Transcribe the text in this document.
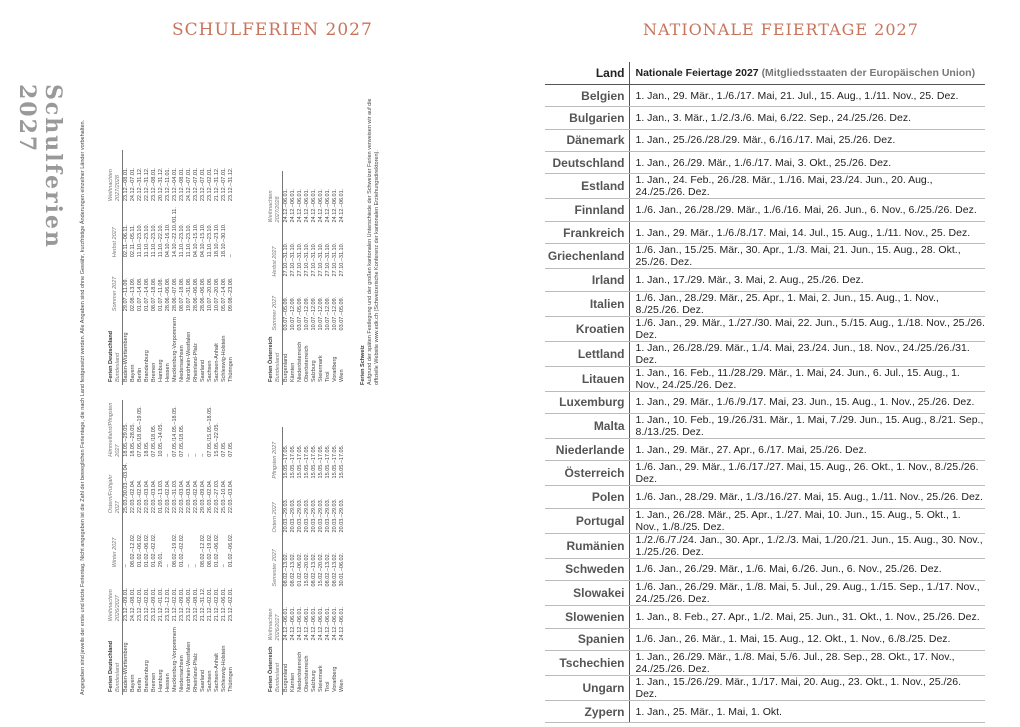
SCHULFERIEN 2027	NATIONALE FEIERTAGE 2027
Schulferien 2027
Angegeben sind jeweils der erste und letzte Ferientag. Nicht angegeben ist die Zahl der beweglichen Ferientage, die nach Land festgesetzt werden. Alle Angaben sind ohne Gewähr, kurzfristige Änderungen einzelner Länder vorbehalten.	Ferien Deutschland Bundesland	Weihnachten 2026/2027	Winter 2027	Ostern/Frühjahr 2027	Himmelfahrt/Pfingsten 2027
Baden-Württemberg	23.12.–09.01.	–	25.03./30.03.–03.04.	18.05.–29.05.
Bayern	24.12.–08.01.	08.02.–12.02.	22.03.–02.04.	18.05.–28.05.
Berlin	23.12.–02.01.	01.02.–06.02.	22.03.–02.04.	07.05./18.05.–19.05.
Brandenburg	23.12.–02.01.	01.02.–06.02.	22.03.–03.04.	18.05.
Bremen	23.12.–09.01.	01.02.–02.02.	22.03.–03.04.	07.05./18.05.
Hamburg	21.12.–01.01.	29.01.	01.03.–13.03.	10.05.–14.05.
Hessen	23.12.–12.01.	–	22.03.–02.04.	–
Mecklenburg-Vorpommern	21.12.–02.01.	08.02.–19.02.	22.03.–31.03.	07.05./14.05.–18.05.
Niedersachsen	23.12.–09.01.	01.02.–02.02.	22.03.–03.04.	07.05./18.05.
Nordrhein-Westfalen	23.12.–06.01.	–	22.03.–03.04.	–
Rheinland-Pfalz	23.12.–08.01.	–	22.03.–02.04.	–
Saarland	21.12.–31.12.	08.02.–12.02.	29.03.–09.04.	–
Sachsen	21.12.–02.01.	08.02.–19.02.	26.03.–02.04.	07.05./15.05.–18.05.
Sachsen-Anhalt	21.12.–02.01.	01.02.–06.02.	22.03.–27.03.	15.05.–22.05.
Schleswig-Holstein	21.12.–06.01.	–	25.03.–10.04.	07.05.
Thüringen	23.12.–02.01.	01.02.–06.02.	22.03.–03.04.	07.05.
Ferien Österreich Bundesland	Weihnachten 2026/2027	Semester 2027	Ostern 2027	Pfingsten 2027
Burgenland	24.12.–06.01.	08.02.–13.02.	20.03.–29.03.	15.05.–17.05.
Kärnten	24.12.–06.01.	08.02.–13.02.	20.03.–29.03.	15.05.–17.05.
Niederösterreich	24.12.–06.01.	01.02.–06.02.	20.03.–29.03.	15.05.–17.05.
Oberösterreich	24.12.–06.01.	15.02.–20.02.	20.03.–29.03.	15.05.–17.05.
Salzburg	24.12.–06.01.	08.02.–13.02.	20.03.–29.03.	15.05.–17.05.
Steiermark	24.12.–06.01.	15.02.–20.02.	20.03.–29.03.	15.05.–17.05.
Tirol	24.12.–06.01.	08.02.–13.02.	20.03.–29.03.	15.05.–17.05.
Vorarlberg	24.12.–06.01.	08.02.–13.02.	20.03.–29.03.	15.05.–17.05.
Wien	24.12.–06.01.	30.01.–06.02.	20.03.–29.03.	15.05.–17.05.
Ferien Deutschland Bundesland	Sommer 2027	Herbst 2027	Weihnachten 2027/2028
Baden-Württemberg	29.07.–11.09.	02.11.–06.11.	23.12.–08.01.
Bayern	02.08.–13.09.	02.11.–05.11.	24.12.–07.01.
Berlin	01.07.–14.08.	11.10.–23.10.	22.12.–31.12.
Brandenburg	01.07.–14.08.	11.10.–23.10.	22.12.–31.12.
Bremen	08.07.–18.08.	11.10.–23.10.	23.12.–08.01.
Hamburg	01.07.–11.08.	11.10.–22.10.	20.12.–31.12.
Hessen	28.06.–06.08.	04.10.–16.10.	23.12.–11.01.
Mecklenburg-Vorpommern	28.06.–07.08.	14.10.–22.10./01.11.	23.12.–04.01.
Niedersachsen	08.07.–18.08.	11.10.–23.10.	23.12.–08.01.
Nordrhein-Westfalen	19.07.–31.08.	11.10.–23.10.	24.12.–07.01.
Rheinland-Pfalz	28.06.–06.08.	04.10.–15.10.	23.12.–07.01.
Saarland	28.06.–06.08.	04.10.–15.10.	23.12.–07.01.
Sachsen	10.07.–20.08.	11.10.–23.10.	23.12.–02.01.
Sachsen-Anhalt	10.07.–20.08.	18.10.–23.10.	21.12.–31.12.
Schleswig-Holstein	05.07.–14.08.	18.10.–30.10.	23.12.–07.01.
Thüringen	09.08.–23.08.	–	23.12.–31.12.
Ferien Österreich Bundesland	Sommer 2027	Herbst 2027	Weihnachten 2027/2028
Burgenland	03.07.–05.09.	27.10.–31.10.	24.12.–06.01.
Kärnten	10.07.–12.09.	27.10.–31.10.	24.12.–06.01.
Niederösterreich	03.07.–05.09.	27.10.–31.10.	24.12.–06.01.
Oberösterreich	10.07.–12.09.	27.10.–31.10.	24.12.–06.01.
Salzburg	10.07.–12.09.	27.10.–31.10.	24.12.–06.01.
Steiermark	10.07.–12.09.	27.10.–31.10.	24.12.–06.01.
Tirol	10.07.–12.09.	27.10.–31.10.	24.12.–06.01.
Vorarlberg	10.07.–12.09.	27.10.–31.10.	24.12.–06.01.
Wien	03.07.–05.09.	27.10.–31.10.	24.12.–06.01.
Ferien Schweiz Aufgrund der späten Festlegung und der großen kantonalen Unterschiede der Schweizer Ferien verweisen wir auf die offizielle Website www.edk.ch (Schweizerische Konferenz der kantonalen Erziehungsdirektoren).
Land	Nationale Feiertage 2027 (Mitgliedsstaaten der Europäischen Union)
Belgien	1. Jan., 29. Mär., 1./6./17. Mai, 21. Jul., 15. Aug., 1./11. Nov., 25. Dez.
Bulgarien	1. Jan., 3. Mär., 1./2./3./6. Mai, 6./22. Sep., 24./25./26. Dez.
Dänemark	1. Jan., 25./26./28./29. Mär., 6./16./17. Mai, 25./26. Dez.
Deutschland	1. Jan., 26./29. Mär., 1./6./17. Mai, 3. Okt., 25./26. Dez.
Estland	1. Jan., 24. Feb., 26./28. Mär., 1./16. Mai, 23./24. Jun., 20. Aug., 24./25./26. Dez.
Finnland	1./6. Jan., 26./28./29. Mär., 1./6./16. Mai, 26. Jun., 6. Nov., 6./25./26. Dez.
Frankreich	1. Jan., 29. Mär., 1./6./8./17. Mai, 14. Jul., 15. Aug., 1./11. Nov., 25. Dez.
Griechenland	1./6. Jan., 15./25. Mär., 30. Apr., 1./3. Mai, 21. Jun., 15. Aug., 28. Okt., 25./26. Dez.
Irland	1. Jan., 17./29. Mär., 3. Mai, 2. Aug., 25./26. Dez.
Italien	1./6. Jan., 28./29. Mär., 25. Apr., 1. Mai, 2. Jun., 15. Aug., 1. Nov., 8./25./26. Dez.
Kroatien	1./6. Jan., 29. Mär., 1./27./30. Mai, 22. Jun., 5./15. Aug., 1./18. Nov., 25./26. Dez.
Lettland	1. Jan., 26./28./29. Mär., 1./4. Mai, 23./24. Jun., 18. Nov., 24./25./26./31. Dez.
Litauen	1. Jan., 16. Feb., 11./28./29. Mär., 1. Mai, 24. Jun., 6. Jul., 15. Aug., 1. Nov., 24./25./26. Dez.
Luxemburg	1. Jan., 29. Mär., 1./6./9./17. Mai, 23. Jun., 15. Aug., 1. Nov., 25./26. Dez.
Malta	1. Jan., 10. Feb., 19./26./31. Mär., 1. Mai, 7./29. Jun., 15. Aug., 8./21. Sep., 8./13./25. Dez.
Niederlande	1. Jan., 29. Mär., 27. Apr., 6./17. Mai, 25./26. Dez.
Österreich	1./6. Jan., 29. Mär., 1./6./17./27. Mai, 15. Aug., 26. Okt., 1. Nov., 8./25./26. Dez.
Polen	1./6. Jan., 28./29. Mär., 1./3./16./27. Mai, 15. Aug., 1./11. Nov., 25./26. Dez.
Portugal	1. Jan., 26./28. Mär., 25. Apr., 1./27. Mai, 10. Jun., 15. Aug., 5. Okt., 1. Nov., 1./8./25. Dez.
Rumänien	1./2./6./7./24. Jan., 30. Apr., 1./2./3. Mai, 1./20./21. Jun., 15. Aug., 30. Nov., 1./25./26. Dez.
Schweden	1./6. Jan., 26./29. Mär., 1./6. Mai, 6./26. Jun., 6. Nov., 25./26. Dez.
Slowakei	1./6. Jan., 26./29. Mär., 1./8. Mai, 5. Jul., 29. Aug., 1./15. Sep., 1./17. Nov., 24./25./26. Dez.
Slowenien	1. Jan., 8. Feb., 27. Apr., 1./2. Mai, 25. Jun., 31. Okt., 1. Nov., 25./26. Dez.
Spanien	1./6. Jan., 26. Mär., 1. Mai, 15. Aug., 12. Okt., 1. Nov., 6./8./25. Dez.
Tschechien	1. Jan., 26./29. Mär., 1./8. Mai, 5./6. Jul., 28. Sep., 28. Okt., 17. Nov., 24./25./26. Dez.
Ungarn	1. Jan., 15./26./29. Mär., 1./17. Mai, 20. Aug., 23. Okt., 1. Nov., 25./26. Dez.
Zypern	1. Jan., 25. Mär., 1. Mai, 1. Okt.
